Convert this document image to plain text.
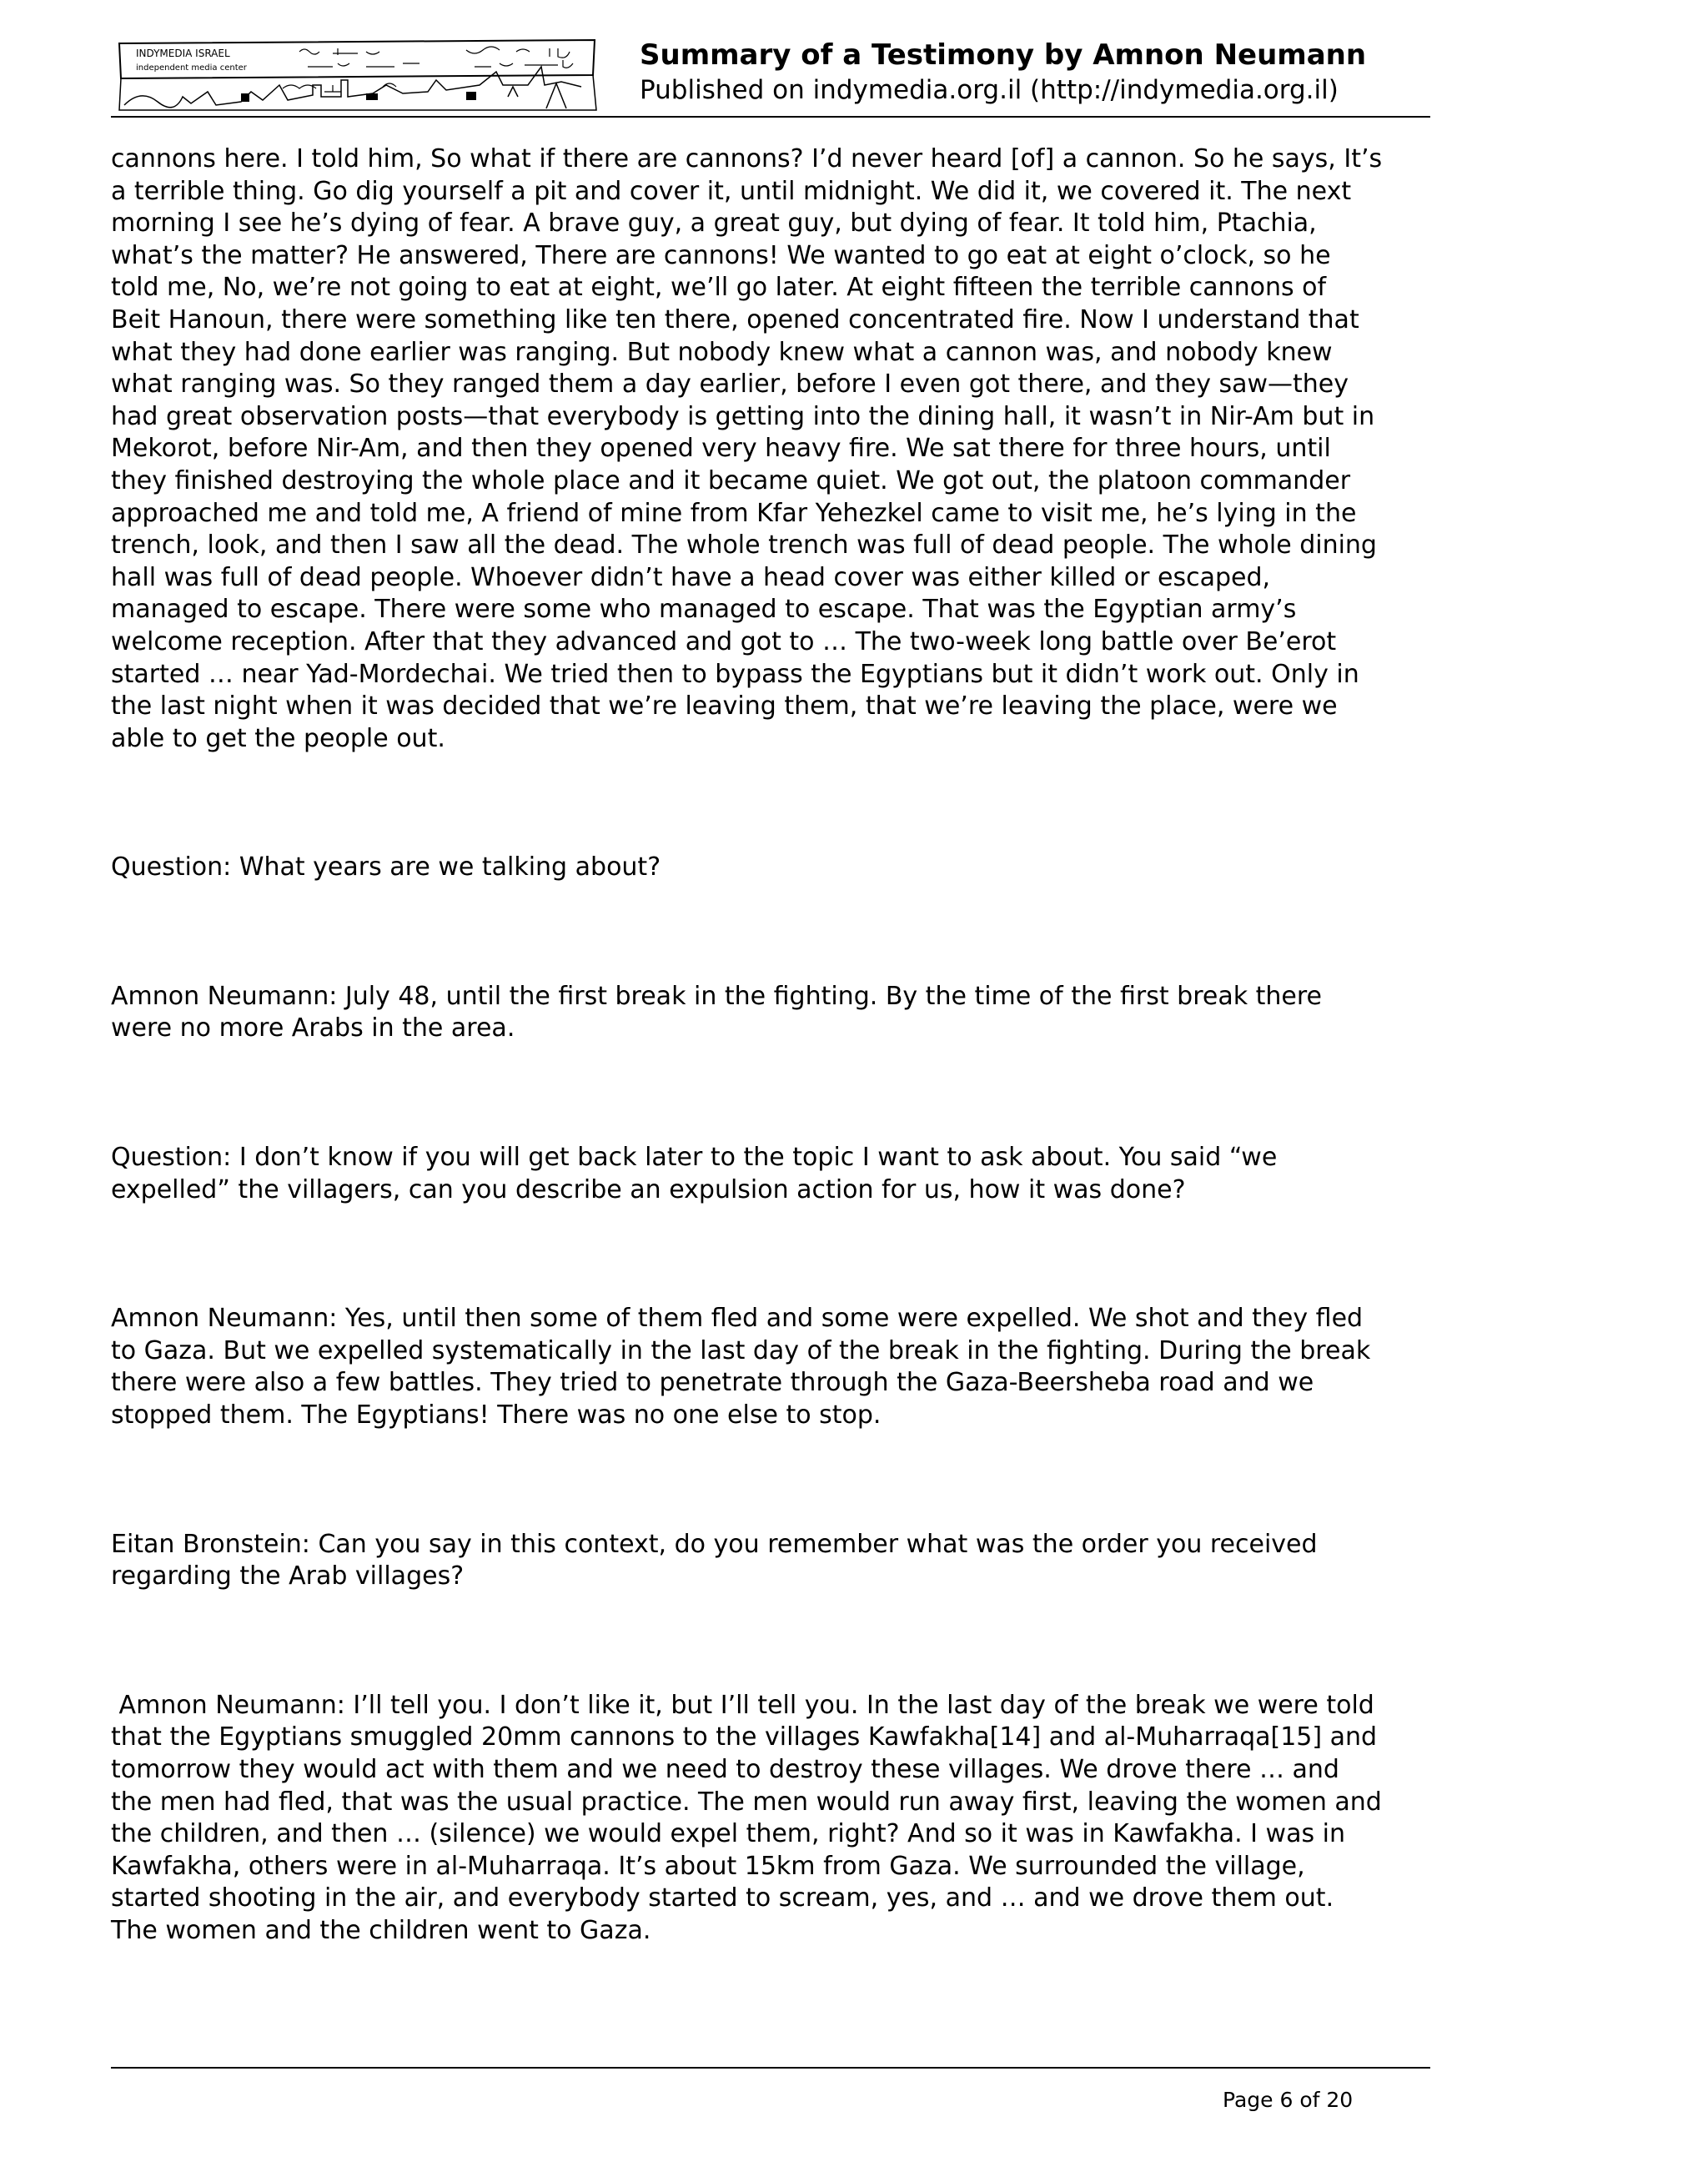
INDYMEDIA ISRAEL
independent media center	Summary of a Testimony by Amnon Neumann
Published on indymedia.org.il (http://indymedia.org.il)

cannons here. I told him, So what if there are cannons? I’d never heard [of] a cannon. So he says, It’s
a terrible thing. Go dig yourself a pit and cover it, until midnight. We did it, we covered it. The next
morning I see he’s dying of fear. A brave guy, a great guy, but dying of fear. It told him, Ptachia,
what’s the matter? He answered, There are cannons! We wanted to go eat at eight o’clock, so he
told me, No, we’re not going to eat at eight, we’ll go later. At eight fifteen the terrible cannons of
Beit Hanoun, there were something like ten there, opened concentrated fire. Now I understand that
what they had done earlier was ranging. But nobody knew what a cannon was, and nobody knew
what ranging was. So they ranged them a day earlier, before I even got there, and they saw—they
had great observation posts—that everybody is getting into the dining hall, it wasn’t in Nir-Am but in
Mekorot, before Nir-Am, and then they opened very heavy fire. We sat there for three hours, until
they finished destroying the whole place and it became quiet. We got out, the platoon commander
approached me and told me, A friend of mine from Kfar Yehezkel came to visit me, he’s lying in the
trench, look, and then I saw all the dead. The whole trench was full of dead people. The whole dining
hall was full of dead people. Whoever didn’t have a head cover was either killed or escaped,
managed to escape. There were some who managed to escape. That was the Egyptian army’s
welcome reception. After that they advanced and got to … The two-week long battle over Be’erot
started … near Yad-Mordechai. We tried then to bypass the Egyptians but it didn’t work out. Only in
the last night when it was decided that we’re leaving them, that we’re leaving the place, were we
able to get the people out.

Question: What years are we talking about?

Amnon Neumann: July 48, until the first break in the fighting. By the time of the first break there
were no more Arabs in the area.

Question: I don’t know if you will get back later to the topic I want to ask about. You said “we
expelled” the villagers, can you describe an expulsion action for us, how it was done?

Amnon Neumann: Yes, until then some of them fled and some were expelled. We shot and they fled
to Gaza. But we expelled systematically in the last day of the break in the fighting. During the break
there were also a few battles. They tried to penetrate through the Gaza-Beersheba road and we
stopped them. The Egyptians! There was no one else to stop.

Eitan Bronstein: Can you say in this context, do you remember what was the order you received
regarding the Arab villages?

Amnon Neumann: I’ll tell you. I don’t like it, but I’ll tell you. In the last day of the break we were told
that the Egyptians smuggled 20mm cannons to the villages Kawfakha[14] and al-Muharraqa[15] and
tomorrow they would act with them and we need to destroy these villages. We drove there … and
the men had fled, that was the usual practice. The men would run away first, leaving the women and
the children, and then … (silence) we would expel them, right? And so it was in Kawfakha. I was in
Kawfakha, others were in al-Muharraqa. It’s about 15km from Gaza. We surrounded the village,
started shooting in the air, and everybody started to scream, yes, and … and we drove them out.
The women and the children went to Gaza.

Page 6 of 20
